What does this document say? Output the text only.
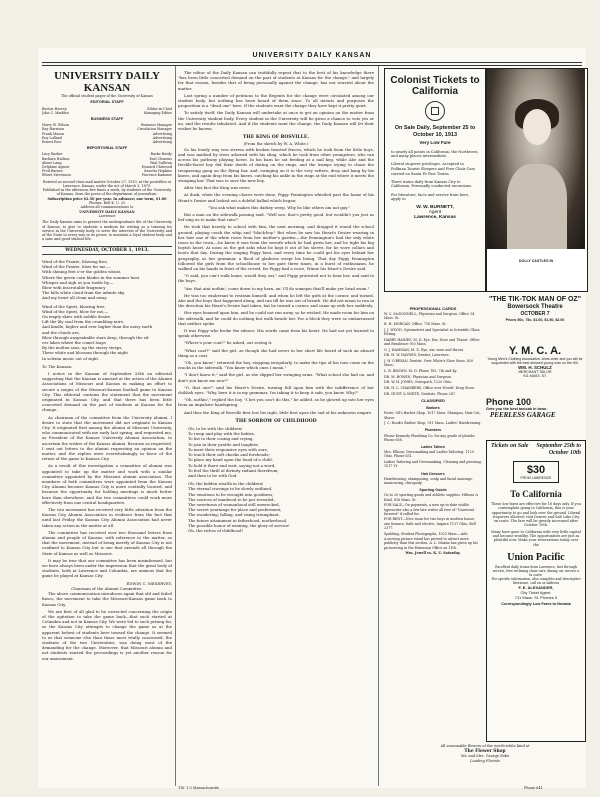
UNIVERSITY DAILY KANSAN
UNIVERSITY DAILY KANSAN
The official student paper of the University of Kansas
EDITORIAL STAFF
Burton Harvey	Editor-in-Chief
John C. Madden	Managing Editor
BUSINESS STAFF
Harry W. Wilson	Business Manager
Ray Harrison	Circulation Manager
Frank Mason	Advertising
Roy Lofland	Advertising
Ernest Rice	Advertising
REPORTORIAL STAFF
Lucy Barker	Burke Hardy
Barbara Hudson	Earl Clemens
Abner Lang	Paul Sullivan
Delphine Agnew	Howard Chitwood
Fred Barnes	Sunetta Hopkins
Elbert Stevenson	Fiorence Kammer
Entered as second-class mail matter October 27, 1910, at the postoffice at Lawrence, Kansas, under the act of March 3, 1879.
Published in the afternoon five times a week, by students of the University of Kansas, from the press of the department of journalism.
Subscription price $2.50 per year. In advance; one term, $1.00
Phones: Bell K. U. 25
Address all communications to
UNIVERSITY DAILY KANSAN
Lawrence
The Daily Kansan aims to present the undergraduate life of the University of Kansas, to give to students a medium for writing as a training for service in the University body, to serve the interests of the University and of the State in every way in its power, to maintain a loyal student body and a sane and good student life.
WEDNESDAY, OCTOBER 1, 1913.

Wind of the Prairie, blowing free,

Wind of the Prairie, blow for me,—

With shining feet o'er the golden wheat,

Where the green corn blades in the summer heat

Whisper and sigh as you rustle by,—

Blow with inscrutable fragrancy

The hills white cloud from the infinite sky,

And my heart all clean and away.

Wind of the Spirit, blowing free,

Wind of the Spirit, blow for me,—

On empty skies with nobble desire

Lift the lily soul from the crumbling mire,

And kindle, higher and ever higher than the noisy earth

and the clouds are,

Blow through unspeakable stars deep, through the sil-

ver lakes where the comet leaps

By the molten seas, up the starry steeps,

These white and blossom through the night

In solemn music out of sight.

To The Kansan:

I notice in the Kansan of September 26th an editorial suggesting that the Kansan is amused at the action of the Alumni Associations of Missouri and Kansas in making an effort to secure a reigns of the Missouri-Kansas football game to Kansas City. This editorial contains the statement that the movement originated in Kansas City, and that there has been little concerted demand on the part of students at Kansas for the change.

As chairman of the committee from the University alumni, I desire to state that the movement did not originate in Kansas City. It originated first among the alumni of Missouri University, who communicated with me early last spring, and requested me, as President of the Kansas University Alumni Association, to ascertain the wishes of the Kansas alumni. Because as requested, I sent out letters to the alumni requesting an opinion on the matter, and the replies were overwhelmingly in favor of the return of the game to Kansas City.

As a result of this investigation a committee of alumni was appointed to take up the matter and work with a similar committee appointed by the Missouri alumni association. The members of both committees were appointed from the Kansas City Alumni because Kansas City is more centrally located, and because the opportunity for holding meetings is much better here than elsewhere, and the two committees could work more effectively from one central headquarters.

The two movement has received very little attention from the Kansas City Alumni Association in evidence from the fact that until last Friday the Kansas City Alumni Association had never taken any action in the matter at all.

The committee has received over two thousand letters from alumni and people of Kansas, with reference to the matter, so that the movement, instead of being merely of Kansas City is not confined to Kansas City but is one that extends all through the State of Kansas as well as Missouri.

It may be true that our committee has been misinformed, but we have always been under the impression that the great body of students, both at Lawrence and Columbia, are anxious that the game be played at Kansas City.

EDWIN C. MESERVEY,
Chairman of the Alumni Committee.

The above communication introduces again that old and failed fiasco, the movement to take the Missouri-Kansas game back to Kansas City.

We are first of all glad to be corrected concerning the origin of the agitation to take the game back—that such started at Columbia and not in Kansas City. We were led to such prising for, as the Kansas City attempts to change the game as at the apparent behest of students here toward the change. It seemed to us that someone else than those most vitally concerned, the students of the two Universities, was doing most of the demanding for the change. Moreover, that Missouri alumni and not students started the proceedings is yet another reason for our amusement.

The editor of the Daily Kansan can truthfully repeat that to the best of his knowledge there "has been little concerted demand on the part of students at Kansas for the change," and largely for that reason, besides that of being personally against the change, has not worried about the matter.

Last spring a number of petitions to the Regents for the change were circulated among our student body, but nothing has been heard of them since. To all intents and purposes the proposition is a "dead one" here. If the students want the change they have kept it pretty quiet.

To satisfy itself, the Daily Kansan will undertake at once to get an opinion on the matter from the University student body. Every student in the University will be given a chance to vote yes or no, and the results tabulated. And if the students want the change, the Daily Kansan will let their wishes be known.

THE KING OF ROSVILLE.
(From the sketch by W. A. White.)

So his lonely way was strewn with broken hearted fences, which he took from the little boys, and was marked by trees adorned with his sling, which he took from other youngsters, who ran across his pathway playing horse. In his barn he sat feeding at a nail keg, while Abe and the freckle-faced boy did their deeds of daring on the rings, and the tramps trying to chase the trespassing gang on the flying bar, and, swinging on it to the very rafters, drop and hang by his knees, and again drop from his knees, catching his ankle in the rings at the end where it meets the swinging bar. That was to save the new boy.

After this fact the King was news.

At dusk, when the evening chores were done, Piggy Pennington whistled past the home of his Heart's Desire and looked out a doleful ballad which began:

"You ask what makes this darkey weep, Why he like others am not gay."

But a man on the sidewalk passing said, "Well son, that's pretty good, but wouldn't you just as lief sing us to make that rain?"

He took that heavily to school with him, the next morning, and dragged it round the school ground, playing crack the whip and "black-boy." But when he saw his Heart's Desire wearing in her hair one of the white roses from her mother's garden,—the Pennington's had the only white roses in the town,—he knew it was from the wreath which he had given her, and he tight his big boyish heart. At noon as the girl asks what he kept it out of his sleeve, for he wore collars and boots that day. During the singing Piggy bent, and every time he could get his eyes behind her geography, as her grammar, a flood of gladness swept his being. That day Piggy Pennington followed the girls from the schoolhouse to her gate three times, in a burst of enthusiasm, he walked on his hands in front of the crowd, for Piggy had a voice, Winne his Heart's Desire said.

"O said, you can't walk home, would they out," and Piggy protested not to hear her, and said to the boys:

"Aw, that aint nothin'; come down to my barn, an' I'll do somepin that'll make yer head swim."

He was too exuberant to restrain himself, and when he left the girls at the corner, and turned, Abe and the boys that happened along, and ran till he was out of breath. He did not mean to run in the direction his Heart's Desire had taken, but he turned a corner, and came up with her suddenly.

Her eyes beamed upon him, and he could not run away, so he wished. He made room for him on the sidewalk, and he could do nothing but walk beside her. For a block they were so embarrassed that neither spoke.

It was Piggy who broke the silence. His words came from his heart. He had not yet learned to speak otherwise.

"Where's your coat?" he asked, out seeing it.

"What coat?" said the girl, as though she had never in her short life heard of such an absurd thing as a coat.

"Oh, you know," returned the boy, stopping irregularly, to make the tips of his toes come on the cracks in the sidewalk. "You know which ones I mean."

"I don't know it," said the girl, as she slipped her swinging arms. "What school she had on, and don't you know me now?"

"O, that one?" said his Heart's Desire, turning full upon him with the indifference of her childish eyes. "Why, here it is in my grammar, I'm taking it to keep it safe, you know. Why?"

"Oh, nothin'," replied the boy. "I bet you can't do this," he added, as he glowed up into her eyes from an impulsive handspring.

And thus the King of Rosville first lost his right, little first upon the sad of his unknown empire.

THE SORROW OF CHILDHOOD

Oh, to be with the children!

To romp and play with the babies,

To list to their cooing and crying,

To join in their prattle and laughter,

To meet their responsive eyes with ours,

To touch their soft cheeks and foreheads;

To place my hand upon the head of a child,

To hold it there and wait, saying not a word,

To feel the thrill of divinity radiant therefrom;

And then to be with God.

Oh, the hidden wealth in the children!

The eternal cravings to be slowly outlined,

The emotions to be wrought into goodness;

The sources of manhood to be put revealed,

The sweetness of womanhood still unwrecked,

The secret yearnings for place and preferment,

The wondering, falling, and rising triumphant,

The future attainment in fatherhood, motherhood,

The possible honor of winning, the glory of service!

Oh, the riches of childhood!

Colonist Tickets to California
On Sale Daily, September 25 to October 10, 1913
Very Low Fare

to nearly all points in California, the Northwest, and many places intermediate.

Liberal stopover privileges. Accepted in Pullman Tourist Sleepers and Free Chair Cars carried on Santa Fe Fast Trains.

Three trains daily from Kansas City to California. Personally conducted excursions.

For literature, facts and service from here, apply to

W. W. BURNETT,
Agent
Lawrence, Kansas
DOLLY CASTLES IN
"THE TIK-TOK MAN OF OZ"
Bowersock Theatre
OCTOBER 7
Prices 50c, 75c. $1.00, $1.50, $2.00
PROFESSIONAL CARDS

W. C. McDONNELL, Physician and Surgeon. Office 14 Mass. St.

R. H. MORGAN, Office, 716 Mass. St.

J. J. WOOD, Optometrist and Specialist in Scientific Glass Fitting.

HARRY HAINES, M. D. Eye, Ear, Nose and Throat. Office and Residence 903 Mass.

O. J. HAMMAN, M. D. Eye, ear, nose and throat.

DR. H. W. HAYNES, Dentist, Lawrence.

J. W. O'BRYAN, Dentist. Over White's Shoe Store, 820 Mass.

L. R. BROWN, M. D. Phone 185. 7th and Ky.

DR. M. BOWEN, Physician and Surgeon.

DR. W. H. JONES, Osteopath, 1220 Ohio.

DR. H. L. CHAMBERS, Office over Woods' Drug Store.

DR. HUNT & WHITE, Dentists. Phone 287.

CLASSIFIED
Barbers

Foote, Oil's Barber Shop, 1017 Mass. Shampoo, Hair Cut, Shave.

J. C. Houk's Barber Shop, 911 Mass. Ladies' Hairdressing.

Plumbers

Phone Kennedy Plumbing Co. for any grade of plumbs. Phone 658.

Ladies Tailors

Mrs. Ellison, Dressmaking and Ladies Tailoring. 1129 Ohio. Phone 651.

Ladies Tailoring and Dressmaking. Cleaning and pressing. 1017 Vt.

Hair Dressers

Hairdressing, shampooing, scalp and facial massage, manicuring, chiropody.

Sporting Goods

Go to 20 sporting goods and athletic supplies. Hiltons & Kind, 816 Mass. St.

FOR SALE—On payments, a new up-to-date visible typewriter also a few late writer all free of "Universal Interest" if called for.

FOR RENT—Nice room for two boys in modern house, one furnace, bath and electric. Inquire 1137 Ohio, Bell 2377.

Spalding, Student Photographs, 1023 Mass.—Adv.

A moving picture stand has proved to attract more publicity than this section. A. L. Maxim has given up his picturering in the Extension Office on 11th.

Wm. Jewell vs. K. U. Saturday.

Y. M. C. A.
Young Men's Clothing Association. Aims order and you will be acquainted with the best dressed young man on the Hill.
WM. H. SCHULZ
MERCHANT TAILOR
911 MASS. ST.
Phone 100
Gets you the best taxicab in town.
PEERLESS GARAGE
Tickets on Sale	September 25th to October 10th
$30
FROM LAWRENCE
To California
These low fares are effective for 16 days only. If you contemplate going to California, this is your opportunity to go and look over the ground. Liberal stopovers allowed; visit Denver and Salt Lake City en route. The fare will be greatly increased after October 10th.
Many have gone to California with very little capital and become wealthy. The opportunities are just as plentiful now. Make your reservations today over the
Union Pacific
Excellent daily trains from Lawrence, fast through service, free reclining chair cars, dining car service a la carte.
For specific information, also complete and descriptive literature, call on or address
F. E. ALEXANDER,
City Ticket Agent.
711 Mass. St. Phones 5
Correspondingly Low Fares to Nevada
All seasonable flowers of the worth-while kind at
The Flower Shop
Mr. and Mrs. George Eske
Leading Florists
T.W. 1-3 Massachusetts	Phone 641
